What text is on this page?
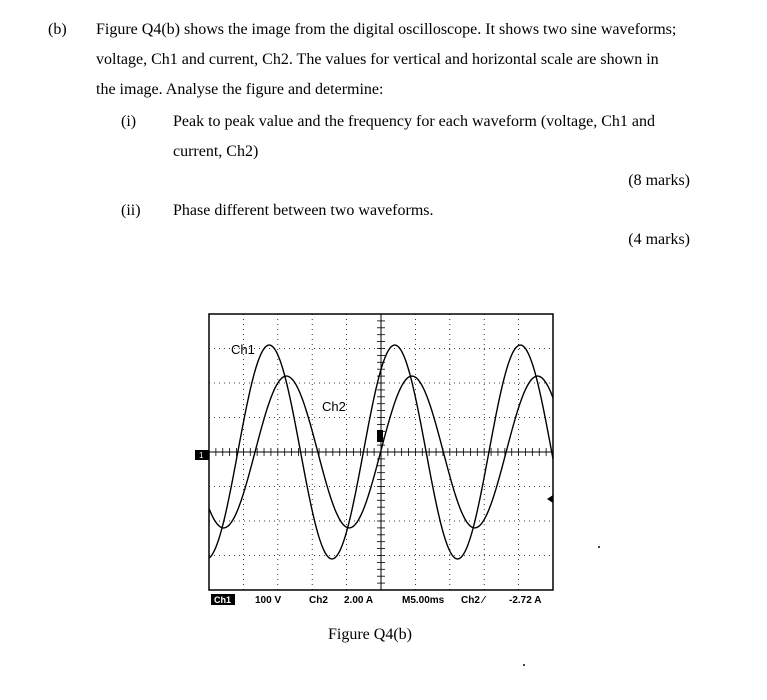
(b) Figure Q4(b) shows the image from the digital oscilloscope. It shows two sine waveforms;
voltage, Ch1 and current, Ch2. The values for vertical and horizontal scale are shown in
the image. Analyse the figure and determine:
(i) Peak to peak value and the frequency for each waveform (voltage, Ch1 and
current, Ch2)
(8 marks)
(ii) Phase different between two waveforms.
(4 marks)
1
Ch1
Ch2
Ch1 100 V	Ch2 2.00 A	M5.00ms Ch2 ⁄ -2.72 A
Figure Q4(b)
